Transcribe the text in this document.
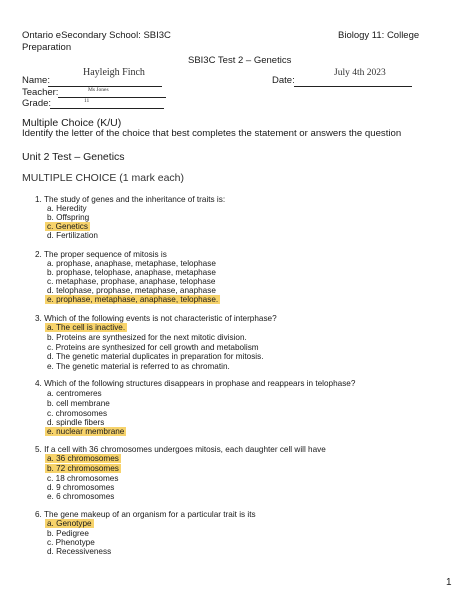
Ontario eSecondary School: SBI3C
Preparation
Biology 11: College
SBI3C Test 2 – Genetics
Name:
Hayleigh Finch
Date:
July 4th 2023
Teacher:	Ms Jones
Grade:	11
Multiple Choice (K/U)
Identify the letter of the choice that best completes the statement or answers the question
Unit 2 Test – Genetics
MULTIPLE CHOICE (1 mark each)
1. The study of genes and the inheritance of traits is:
a. Heredity
b. Offspring
c. Genetics
d. Fertilization
2. The proper sequence of mitosis is
a. prophase, anaphase, metaphase, telophase
b. prophase, telophase, anaphase, metaphase
c. metaphase, prophase, anaphase, telophase
d. telophase, prophase, metaphase, anaphase
e. prophase, metaphase, anaphase, telophase.
3. Which of the following events is not characteristic of interphase?
a. The cell is inactive.
b. Proteins are synthesized for the next mitotic division.
c. Proteins are synthesized for cell growth and metabolism
d. The genetic material duplicates in preparation for mitosis.
e. The genetic material is referred to as chromatin.
4. Which of the following structures disappears in prophase and reappears in telophase?
a. centromeres
b. cell membrane
c. chromosomes
d. spindle fibers
e. nuclear membrane
5. If a cell with 36 chromosomes undergoes mitosis, each daughter cell will have
a. 36 chromosomes
b. 72 chromosomes
c. 18 chromosomes
d. 9 chromosomes
e. 6 chromosomes
6. The gene makeup of an organism for a particular trait is its
a. Genotype
b. Pedigree
c. Phenotype
d. Recessiveness
1
